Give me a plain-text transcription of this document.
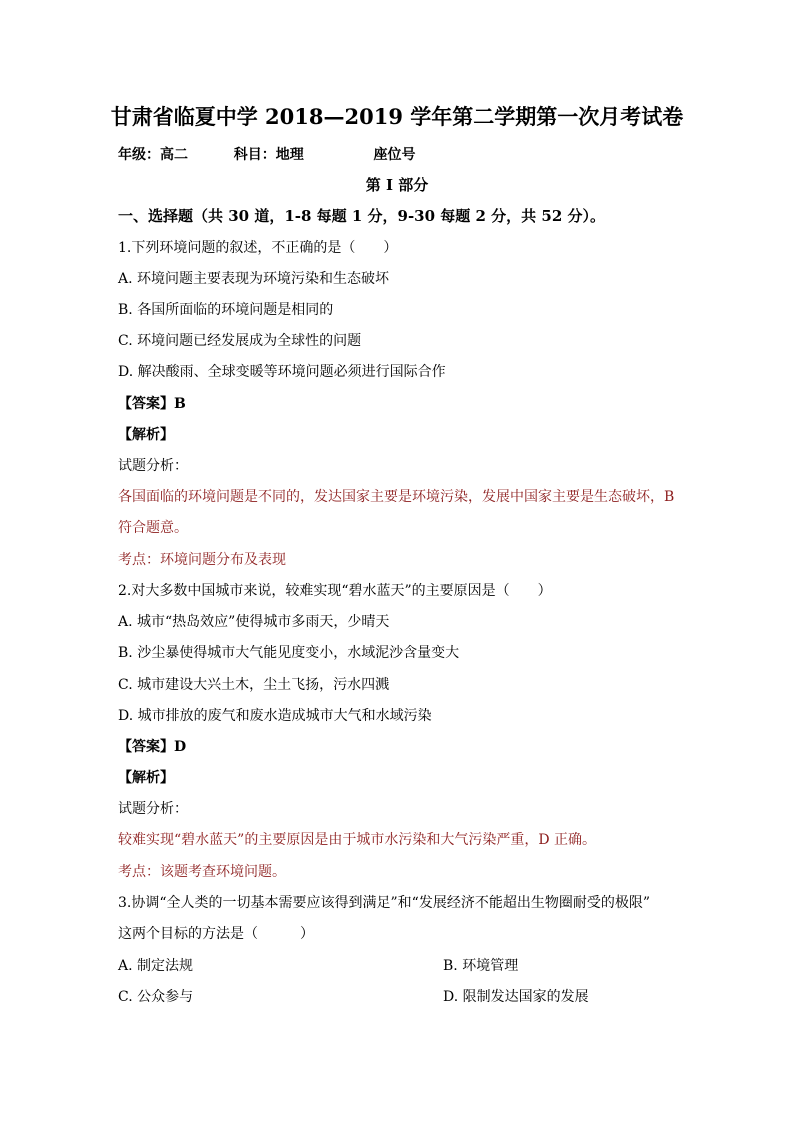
甘肃省临夏中学 2018—2019 学年第二学期第一次月考试卷
年级：高二	科目：地理	座位号
第 I 部分
一、选择题（共 30 道，1-8 每题 1 分，9-30 每题 2 分，共 52 分）。
1.下列环境问题的叙述，不正确的是（　　）
A. 环境问题主要表现为环境污染和生态破坏
B. 各国所面临的环境问题是相同的
C. 环境问题已经发展成为全球性的问题
D. 解决酸雨、全球变暖等环境问题必须进行国际合作
【答案】B
【解析】
试题分析：
各国面临的环境问题是不同的，发达国家主要是环境污染，发展中国家主要是生态破坏，B
符合题意。
考点：环境问题分布及表现
2.对大多数中国城市来说，较难实现“碧水蓝天”的主要原因是（　　）
A. 城市“热岛效应”使得城市多雨天，少晴天
B. 沙尘暴使得城市大气能见度变小，水域泥沙含量变大
C. 城市建设大兴土木，尘土飞扬，污水四溅
D. 城市排放的废气和废水造成城市大气和水域污染
【答案】D
【解析】
试题分析：
较难实现“碧水蓝天”的主要原因是由于城市水污染和大气污染严重，D 正确。
考点：该题考查环境问题。
3.协调“全人类的一切基本需要应该得到满足”和“发展经济不能超出生物圈耐受的极限”
这两个目标的方法是（　　　）
A. 制定法规	B. 环境管理
C. 公众参与	D. 限制发达国家的发展
